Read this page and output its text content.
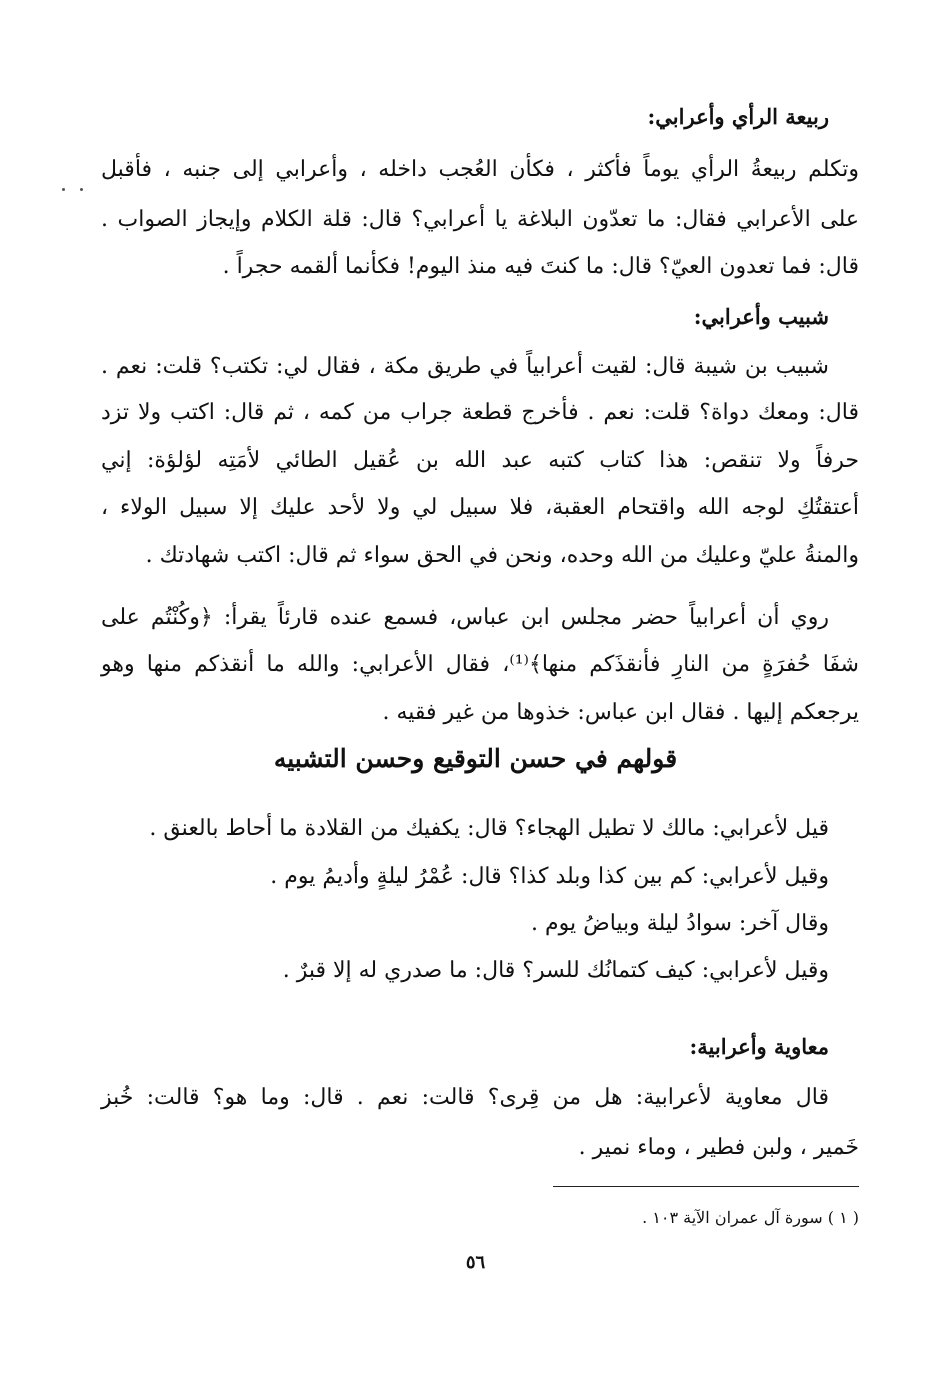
ربيعة الرأي وأعرابي:
وتكلم ربيعةُ الرأي يوماً فأكثر ، فكأن العُجب داخله ، وأعرابي إلى جنبه ، فأقبل
على الأعرابي فقال: ما تعدّون البلاغة يا أعرابي؟ قال: قلة الكلام وإيجاز الصواب .
قال: فما تعدون العيّ؟ قال: ما كنتَ فيه منذ اليوم! فكأنما ألقمه حجراً .
شبيب وأعرابي:
شبيب بن شيبة قال: لقيت أعرابياً في طريق مكة ، فقال لي: تكتب؟ قلت: نعم .
قال: ومعك دواة؟ قلت: نعم . فأخرج قطعة جراب من كمه ، ثم قال: اكتب ولا تزد
حرفاً ولا تنقص: هذا كتاب كتبه عبد الله بن عُقيل الطائي لأمَتِه لؤلؤة: إني
أعتقتُكِ لوجه الله واقتحام العقبة، فلا سبيل لي ولا لأحد عليك إلا سبيل الولاء ،
والمنةُ عليّ وعليك من الله وحده، ونحن في الحق سواء ثم قال: اكتب شهادتك .
روي أن أعرابياً حضر مجلس ابن عباس، فسمع عنده قارئاً يقرأ: ﴿وكُنْتُم على
شفَا حُفرَةٍ من النارِ فأنقذَكم منها﴾⁽¹⁾، فقال الأعرابي: والله ما أنقذكم منها وهو
يرجعكم إليها . فقال ابن عباس: خذوها من غير فقيه .
قولهم في حسن التوقيع وحسن التشبيه
قيل لأعرابي: مالك لا تطيل الهجاء؟ قال: يكفيك من القلادة ما أحاط بالعنق .
وقيل لأعرابي: كم بين كذا وبلد كذا؟ قال: عُمْرُ ليلةٍ وأديمُ يوم .
وقال آخر: سوادُ ليلة وبياضُ يوم .
وقيل لأعرابي: كيف كتمانُك للسر؟ قال: ما صدري له إلا قبرٌ .
معاوية وأعرابية:
قال معاوية لأعرابية: هل من قِرى؟ قالت: نعم . قال: وما هو؟ قالت: خُبز
خَمير ، ولبن فطير ، وماء نمير .
( ١ ) سورة آل عمران الآية ١٠٣ .
٥٦
